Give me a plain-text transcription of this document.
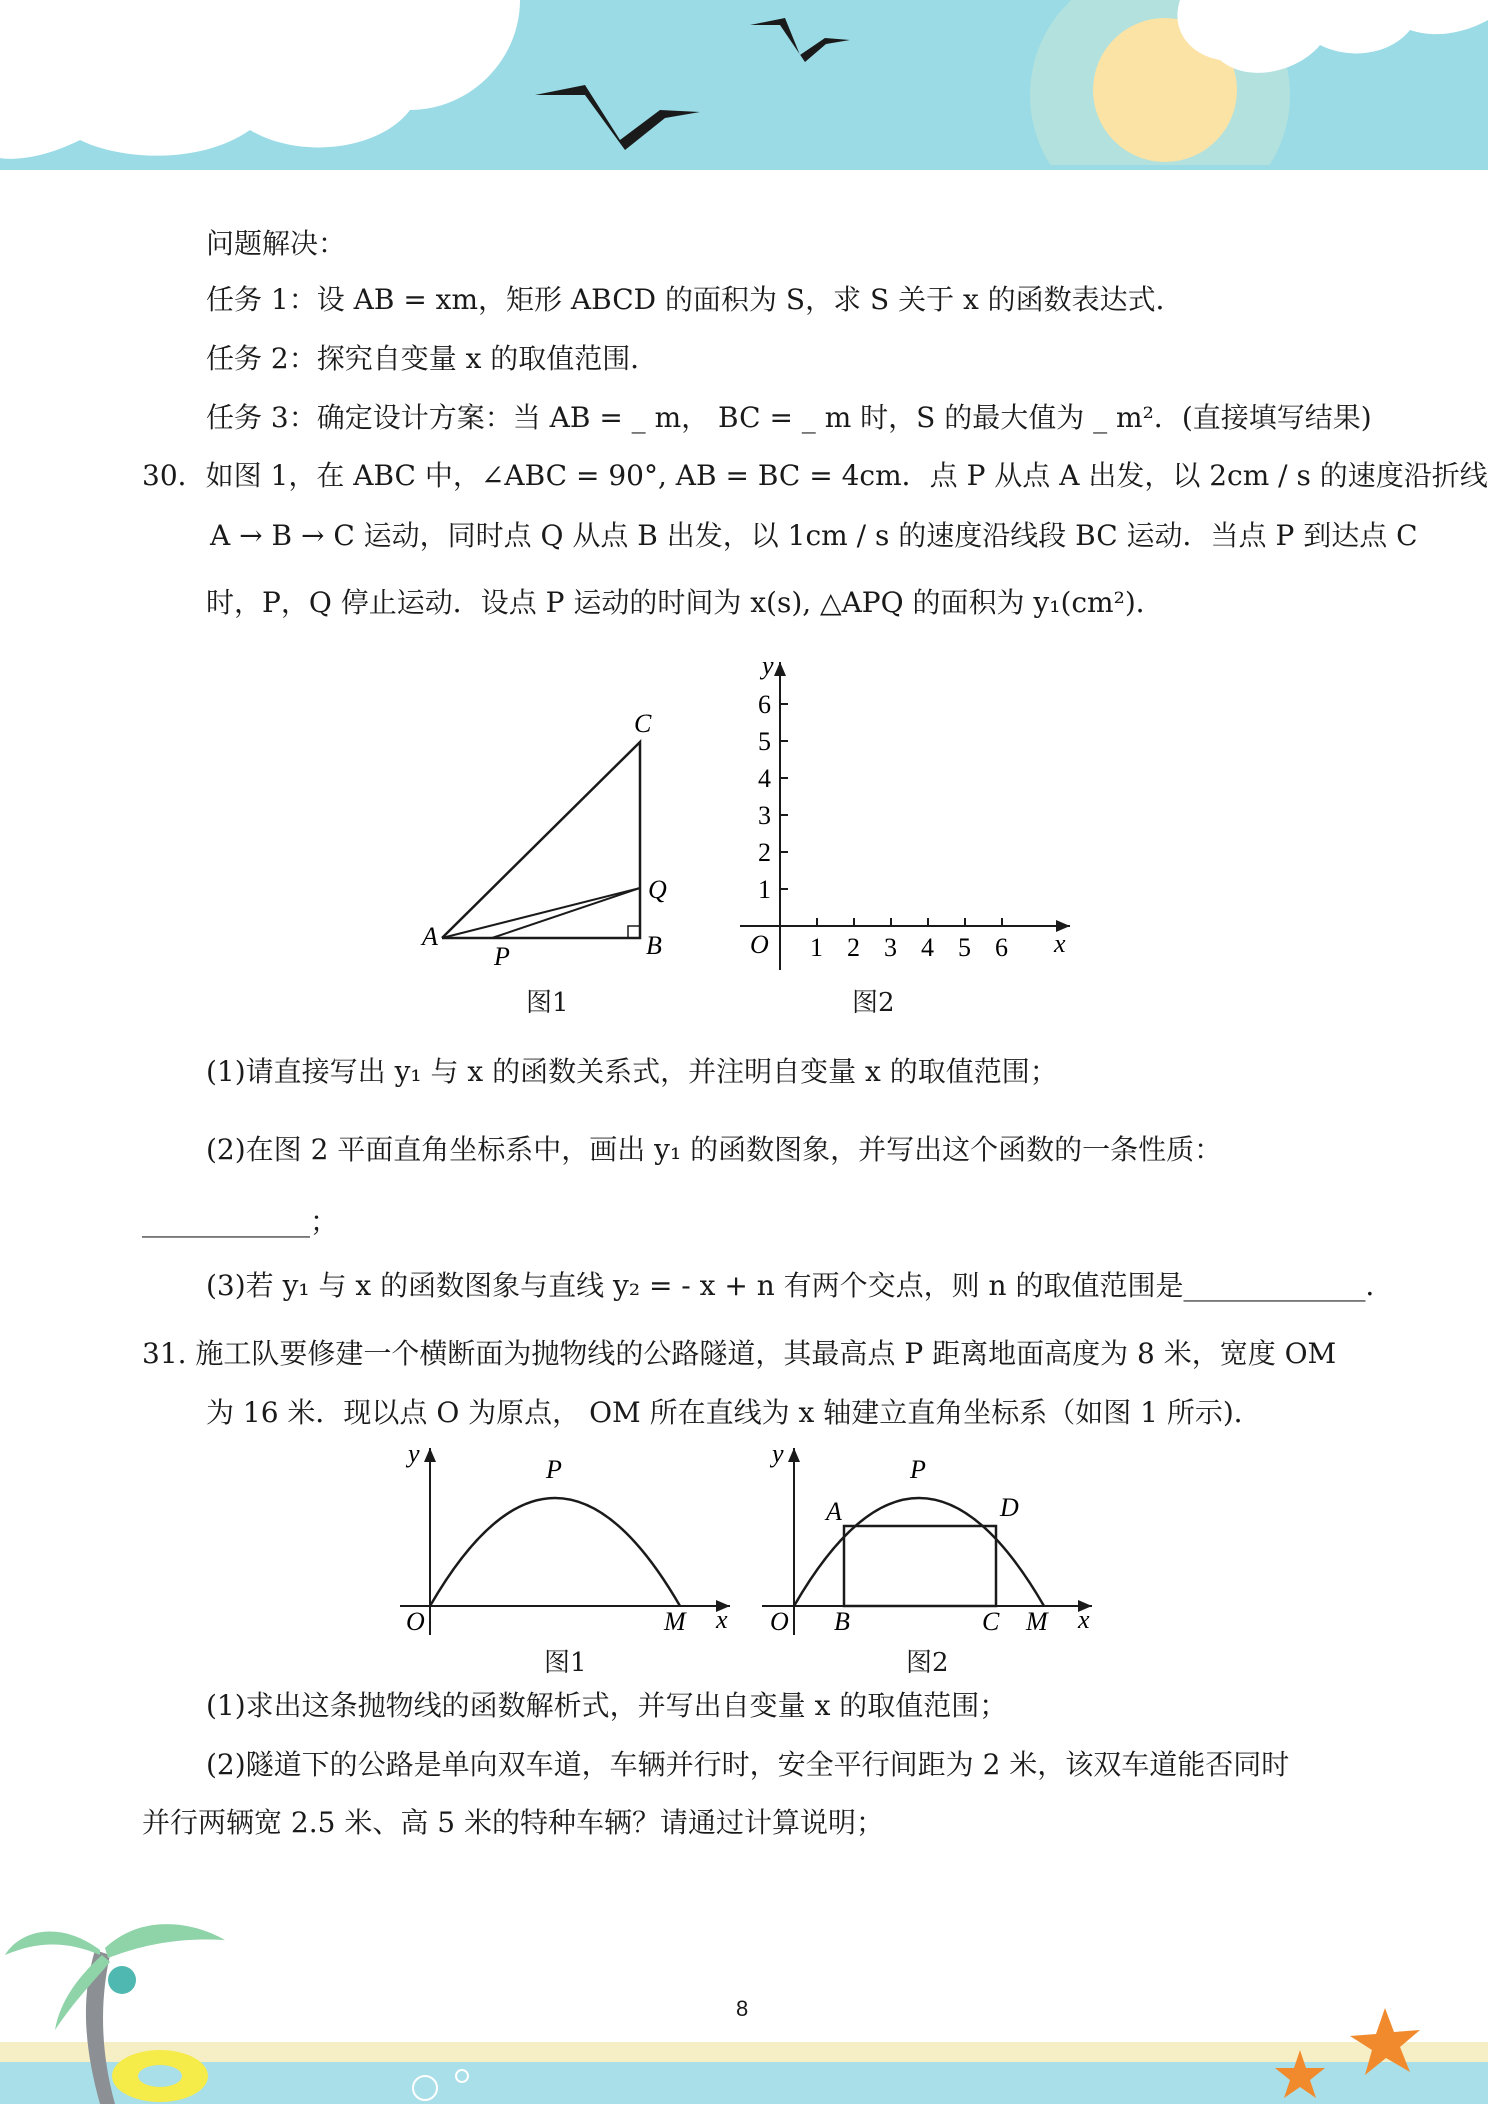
问题解决：
任务 1：设 AB = xm，矩形 ABCD 的面积为 S，求 S 关于 x 的函数表达式．
任务 2：探究自变量 x 的取值范围．
任务 3：确定设计方案：当 AB = _ m， BC = _ m 时，S 的最大值为 _ m²．(直接填写结果)
30．如图 1，在 ABC 中，∠ABC = 90°, AB = BC = 4cm．点 P 从点 A 出发，以 2cm / s 的速度沿折线
A → B → C 运动，同时点 Q 从点 B 出发，以 1cm / s 的速度沿线段 BC 运动．当点 P 到达点 C
时，P，Q 停止运动．设点 P 运动的时间为 x(s), △APQ 的面积为 y₁(cm²)．
A
P	B
C
Q
图1
1 2 3 4 5 6
1
2
3
4
5
6
O	x
y
图2
(1)请直接写出 y₁ 与 x 的函数关系式，并注明自变量 x 的取值范围；
(2)在图 2 平面直角坐标系中，画出 y₁ 的函数图象，并写出这个函数的一条性质：
____________；
(3)若 y₁ 与 x 的函数图象与直线 y₂ = - x + n 有两个交点，则 n 的取值范围是_____________．
31. 施工队要修建一个横断面为抛物线的公路隧道，其最高点 P 距离地面高度为 8 米，宽度 OM
为 16 米．现以点 O 为原点， OM 所在直线为 x 轴建立直角坐标系（如图 1 所示)．
O	M
P
x
y
图1
O
A
B	C
D
M
P
x
y
图2
(1)求出这条抛物线的函数解析式，并写出自变量 x 的取值范围；
(2)隧道下的公路是单向双车道，车辆并行时，安全平行间距为 2 米，该双车道能否同时
并行两辆宽 2.5 米、高 5 米的特种车辆？请通过计算说明；
8
